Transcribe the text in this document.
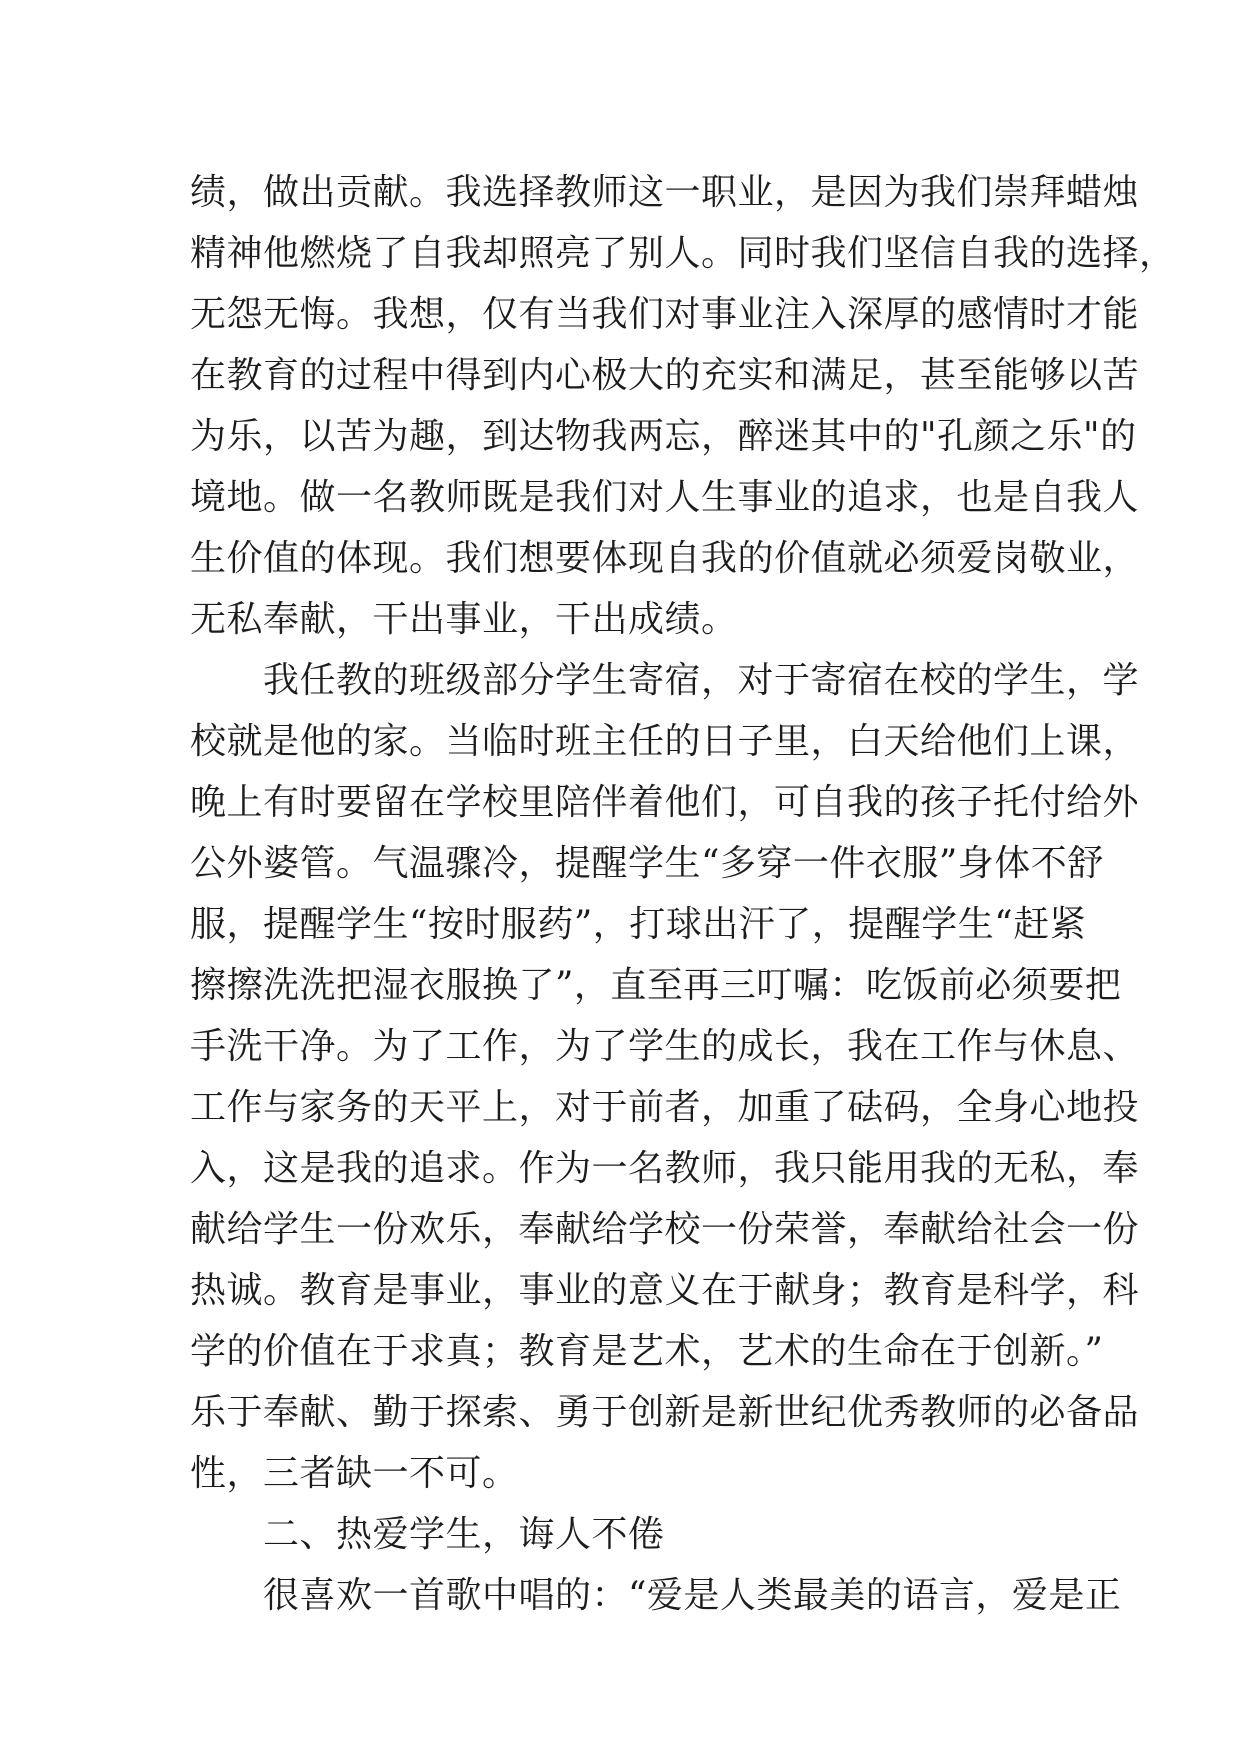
绩，做出贡献。我选择教师这一职业，是因为我们崇拜蜡烛
精神他燃烧了自我却照亮了别人。同时我们坚信自我的选择，
无怨无悔。我想，仅有当我们对事业注入深厚的感情时才能
在教育的过程中得到内心极大的充实和满足，甚至能够以苦
为乐，以苦为趣，到达物我两忘，醉迷其中的"孔颜之乐"的
境地。做一名教师既是我们对人生事业的追求，也是自我人
生价值的体现。我们想要体现自我的价值就必须爱岗敬业，
无私奉献，干出事业，干出成绩。
　　我任教的班级部分学生寄宿，对于寄宿在校的学生，学
校就是他的家。当临时班主任的日子里，白天给他们上课，
晚上有时要留在学校里陪伴着他们，可自我的孩子托付给外
公外婆管。气温骤冷，提醒学生“多穿一件衣服”身体不舒
服，提醒学生“按时服药”，打球出汗了，提醒学生“赶紧
擦擦洗洗把湿衣服换了”，直至再三叮嘱：吃饭前必须要把
手洗干净。为了工作，为了学生的成长，我在工作与休息、
工作与家务的天平上，对于前者，加重了砝码，全身心地投
入，这是我的追求。作为一名教师，我只能用我的无私，奉
献给学生一份欢乐，奉献给学校一份荣誉，奉献给社会一份
热诚。教育是事业，事业的意义在于献身；教育是科学，科
学的价值在于求真；教育是艺术，艺术的生命在于创新。”
乐于奉献、勤于探索、勇于创新是新世纪优秀教师的必备品
性，三者缺一不可。
　　二、热爱学生，诲人不倦
　　很喜欢一首歌中唱的：“爱是人类最美的语言，爱是正
